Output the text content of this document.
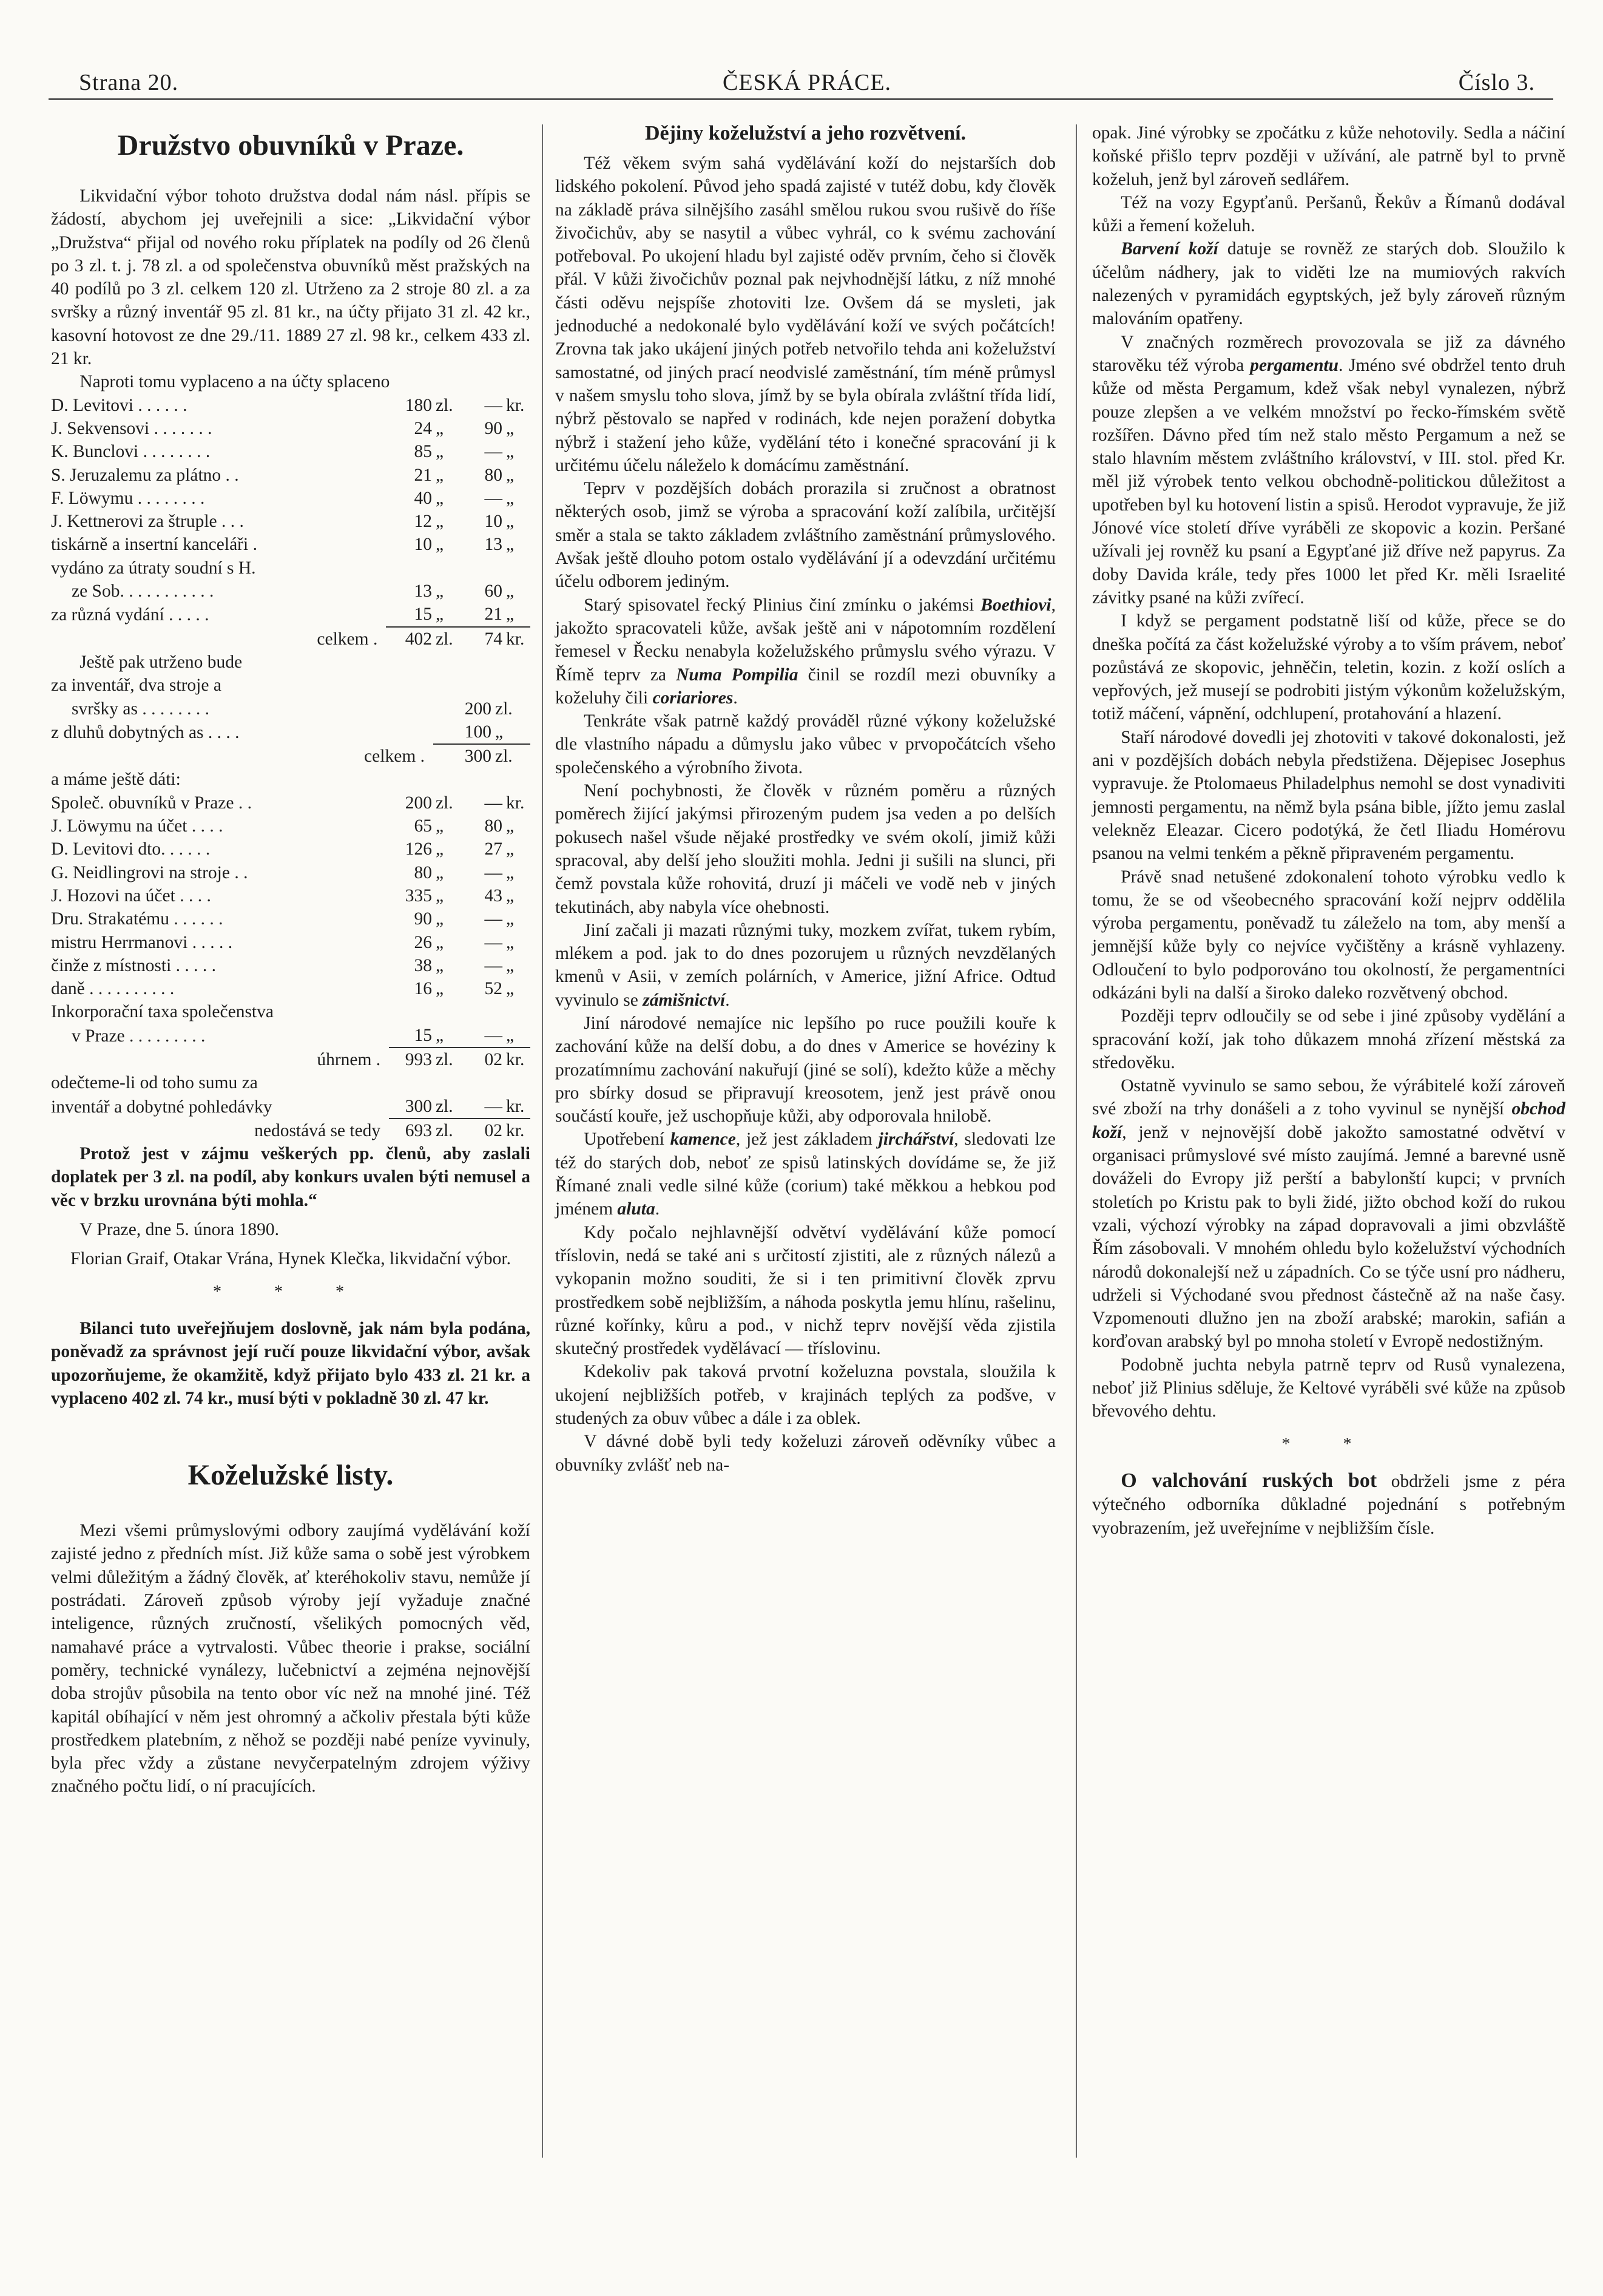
Strana 20.	ČESKÁ PRÁCE.	Číslo 3.
Družstvo obuvníků v Praze.

Likvidační výbor tohoto družstva dodal nám násl. přípis se žádostí, abychom jej uveřejnili a sice: „Likvidační výbor „Družstva“ přijal od nového roku příplatek na podíly od 26 členů po 3 zl. t. j. 78 zl. a od společenstva obuvníků měst pražských na 40 podílů po 3 zl. celkem 120 zl. Utrženo za 2 stroje 80 zl. a za svršky a různý inventář 95 zl. 81 kr., na účty přijato 31 zl. 42 kr., kasovní hotovost ze dne 29./11. 1889 27 zl. 98 kr., celkem 433 zl. 21 kr.

Naproti tomu vyplaceno a na účty splaceno

D. Levitovi . . . . . .	180	zl.	—	kr.
J. Sekvensovi . . . . . . .	24	„	90	„
K. Bunclovi . . . . . . . .	85	„	—	„
S. Jeruzalemu za plátno . .	21	„	80	„
F. Löwymu . . . . . . . .	40	„	—	„
J. Kettnerovi za štruple . . .	12	„	10	„
tiskárně a insertní kanceláři .	10	„	13	„
vydáno za útraty soudní s H.				
ze Sob. . . . . . . . . . .	13	„	60	„
za různá vydání . . . . .	15	„	21	„
celkem .	402	zl.	74	kr.

Ještě pak utrženo bude

za inventář, dva stroje a		
svršky as . . . . . . . .	200	zl.
z dluhů dobytných as . . . .	100	„
celkem .	300	zl.

a máme ještě dáti:

Společ. obuvníků v Praze . .	200	zl.	—	kr.
J. Löwymu na účet . . . .	65	„	80	„
D. Levitovi dto. . . . . .	126	„	27	„
G. Neidlingrovi na stroje . .	80	„	—	„
J. Hozovi na účet . . . .	335	„	43	„
Dru. Strakatému . . . . . .	90	„	—	„
mistru Herrmanovi . . . . .	26	„	—	„
činže z místnosti . . . . .	38	„	—	„
daně . . . . . . . . . .	16	„	52	„
Inkorporační taxa společenstva				
v Praze . . . . . . . . .	15	„	—	„
úhrnem .	993	zl.	02	kr.
odečteme-li od toho sumu za				
inventář a dobytné pohledávky	300	zl.	—	kr.
nedostává se tedy	693	zl.	02	kr.

Protož jest v zájmu veškerých pp. členů, aby zaslali doplatek per 3 zl. na podíl, aby konkurs uvalen býti nemusel a věc v brzku urovnána býti mohla.“

V Praze, dne 5. února 1890.

Florian Graif, Otakar Vrána, Hynek Klečka, likvidační výbor.

* * *

Bilanci tuto uveřejňujem doslovně, jak nám byla podána, poněvadž za správnost její ručí pouze likvidační výbor, avšak upozorňujeme, že okamžitě, když přijato bylo 433 zl. 21 kr. a vyplaceno 402 zl. 74 kr., musí býti v pokladně 30 zl. 47 kr.

Koželužské listy.

Mezi všemi průmyslovými odbory zaujímá vydělávání koží zajisté jedno z předních míst. Již kůže sama o sobě jest výrobkem velmi důležitým a žádný člověk, ať kteréhokoliv stavu, nemůže jí postrádati. Zároveň způsob výroby její vyžaduje značné inteligence, různých zručností, všelikých pomocných věd, namahavé práce a vytrvalosti. Vůbec theorie i prakse, sociální poměry, technické vynálezy, lučebnictví a zejména nejnovější doba strojův působila na tento obor víc než na mnohé jiné. Též kapitál obíhající v něm jest ohromný a ačkoliv přestala býti kůže prostředkem platebním, z něhož se později nabé peníze vyvinuly, byla přec vždy a zůstane nevyčerpatelným zdrojem výživy značného počtu lidí, o ní pracujících.

Dějiny koželužství a jeho rozvětvení.

Též věkem svým sahá vydělávání koží do nejstarších dob lidského pokolení. Původ jeho spadá zajisté v tutéž dobu, kdy člověk na základě práva silnějšího zasáhl smělou rukou svou rušivě do říše živočichův, aby se nasytil a vůbec vyhrál, co k svému zachování potřeboval. Po ukojení hladu byl zajisté oděv prvním, čeho si člověk přál. V kůži živočichův poznal pak nejvhodnější látku, z níž mnohé části oděvu nejspíše zhotoviti lze. Ovšem dá se mysleti, jak jednoduché a nedokonalé bylo vydělávání koží ve svých počátcích! Zrovna tak jako ukájení jiných potřeb netvořilo tehda ani koželužství samostatné, od jiných prací neodvislé zaměstnání, tím méně průmysl v našem smyslu toho slova, jímž by se byla obírala zvláštní třída lidí, nýbrž pěstovalo se napřed v rodinách, kde nejen poražení dobytka nýbrž i stažení jeho kůže, vydělání této i konečné spracování ji k určitému účelu náleželo k domácímu zaměstnání.

Teprv v pozdějších dobách prorazila si zručnost a obratnost některých osob, jimž se výroba a spracování koží zalíbila, určitější směr a stala se takto základem zvláštního zaměstnání průmyslového. Avšak ještě dlouho potom ostalo vydělávání jí a odevzdání určitému účelu odborem jediným.

Starý spisovatel řecký Plinius činí zmínku o jakémsi Boethiovi, jakožto spracovateli kůže, avšak ještě ani v nápotomním rozdělení řemesel v Řecku nenabyla koželužského průmyslu svého výrazu. V Římě teprv za Numa Pompilia činil se rozdíl mezi obuvníky a koželuhy čili coriariores.

Tenkráte však patrně každý prováděl různé výkony koželužské dle vlastního nápadu a důmyslu jako vůbec v prvopočátcích všeho společenského a výrobního života.

Není pochybnosti, že člověk v různém poměru a různých poměrech žijící jakýmsi přirozeným pudem jsa veden a po delších pokusech našel všude nějaké prostředky ve svém okolí, jimiž kůži spracoval, aby delší jeho sloužiti mohla. Jedni ji sušili na slunci, při čemž povstala kůže rohovitá, druzí ji máčeli ve vodě neb v jiných tekutinách, aby nabyla více ohebnosti.

Jiní začali ji mazati různými tuky, mozkem zvířat, tukem rybím, mlékem a pod. jak to do dnes pozorujem u různých nevzdělaných kmenů v Asii, v zemích polárních, v Americe, jižní Africe. Odtud vyvinulo se zámišnictví.

Jiní národové nemajíce nic lepšího po ruce použili kouře k zachování kůže na delší dobu, a do dnes v Americe se hovéziny k prozatímnímu zachování nakuřují (jiné se solí), kdežto kůže a měchy pro sbírky dosud se připravují kreosotem, jenž jest právě onou součástí kouře, jež uschopňuje kůži, aby odporovala hnilobě.

Upotřebení kamence, jež jest základem jirchářství, sledovati lze též do starých dob, neboť ze spisů latinských dovídáme se, že již Římané znali vedle silné kůže (corium) také měkkou a hebkou pod jménem aluta.

Kdy počalo nejhlavnější odvětví vydělávání kůže pomocí tříslovin, nedá se také ani s určitostí zjistiti, ale z různých nálezů a vykopanin možno souditi, že si i ten primitivní člověk zprvu prostředkem sobě nejbližším, a náhoda poskytla jemu hlínu, rašelinu, různé kořínky, kůru a pod., v nichž teprv novější věda zjistila skutečný prostředek vydělávací — tříslovinu.

Kdekoliv pak taková prvotní koželuzna povstala, sloužila k ukojení nejbližších potřeb, v krajinách teplých za podšve, v studených za obuv vůbec a dále i za oblek.

V dávné době byli tedy koželuzi zároveň oděvníky vůbec a obuvníky zvlášť neb na-

opak. Jiné výrobky se zpočátku z kůže nehotovily. Sedla a náčiní koňské přišlo teprv později v užívání, ale patrně byl to prvně koželuh, jenž byl zároveň sedlářem.

Též na vozy Egypťanů. Peršanů, Řekův a Římanů dodával kůži a řemení koželuh.

Barvení koží datuje se rovněž ze starých dob. Sloužilo k účelům nádhery, jak to viděti lze na mumiových rakvích nalezených v pyramidách egyptských, jež byly zároveň různým malováním opatřeny.

V značných rozměrech provozovala se již za dávného starověku též výroba pergamentu. Jméno své obdržel tento druh kůže od města Pergamum, kdež však nebyl vynalezen, nýbrž pouze zlepšen a ve velkém množství po řecko-římském světě rozšířen. Dávno před tím než stalo město Pergamum a než se stalo hlavním městem zvláštního království, v III. stol. před Kr. měl již výrobek tento velkou obchodně-politickou důležitost a upotřeben byl ku hotovení listin a spisů. Herodot vypravuje, že již Jónové více století dříve vyráběli ze skopovic a kozin. Peršané užívali jej rovněž ku psaní a Egypťané již dříve než papyrus. Za doby Davida krále, tedy přes 1000 let před Kr. měli Israelité závitky psané na kůži zvířecí.

I když se pergament podstatně liší od kůže, přece se do dneška počítá za část koželužské výroby a to vším právem, neboť pozůstává ze skopovic, jehněčin, teletin, kozin. z koží oslích a vepřových, jež musejí se podrobiti jistým výkonům koželužským, totiž máčení, vápnění, odchlupení, protahování a hlazení.

Staří národové dovedli jej zhotoviti v takové dokonalosti, jež ani v pozdějších dobách nebyla předstižena. Dějepisec Josephus vypravuje. že Ptolomaeus Philadelphus nemohl se dost vynadiviti jemnosti pergamentu, na němž byla psána bible, jížto jemu zaslal velekněz Eleazar. Cicero podotýká, že četl Iliadu Homérovu psanou na velmi tenkém a pěkně připraveném pergamentu.

Právě snad netušené zdokonalení tohoto výrobku vedlo k tomu, že se od všeobecného spracování koží nejprv oddělila výroba pergamentu, poněvadž tu záleželo na tom, aby menší a jemnější kůže byly co nejvíce vyčištěny a krásně vyhlazeny. Odloučení to bylo podporováno tou okolností, že pergamentníci odkázáni byli na další a široko daleko rozvětvený obchod.

Později teprv odloučily se od sebe i jiné způsoby vydělání a spracování koží, jak toho důkazem mnohá zřízení městská za středověku.

Ostatně vyvinulo se samo sebou, že výrábitelé koží zároveň své zboží na trhy donášeli a z toho vyvinul se nynější obchod koží, jenž v nejnovější době jakožto samostatné odvětví v organisaci průmyslové své místo zaujímá. Jemné a barevné usně dováželi do Evropy již perští a babylonští kupci; v prvních stoletích po Kristu pak to byli židé, jižto obchod koží do rukou vzali, výchozí výrobky na západ dopravovali a jimi obzvláště Řím zásobovali. V mnohém ohledu bylo koželužství východních národů dokonalejší než u západních. Co se týče usní pro nádheru, udrželi si Východané svou přednost částečně až na naše časy. Vzpomenouti dlužno jen na zboží arabské; marokin, safián a korďovan arabský byl po mnoha století v Evropě nedostižným.

Podobně juchta nebyla patrně teprv od Rusů vynalezena, neboť již Plinius sděluje, že Keltové vyráběli své kůže na způsob břevového dehtu.

* *

O valchování ruských bot obdrželi jsme z péra výtečného odborníka důkladné pojednání s potřebným vyobrazením, jež uveřejníme v nejbližším čísle.
